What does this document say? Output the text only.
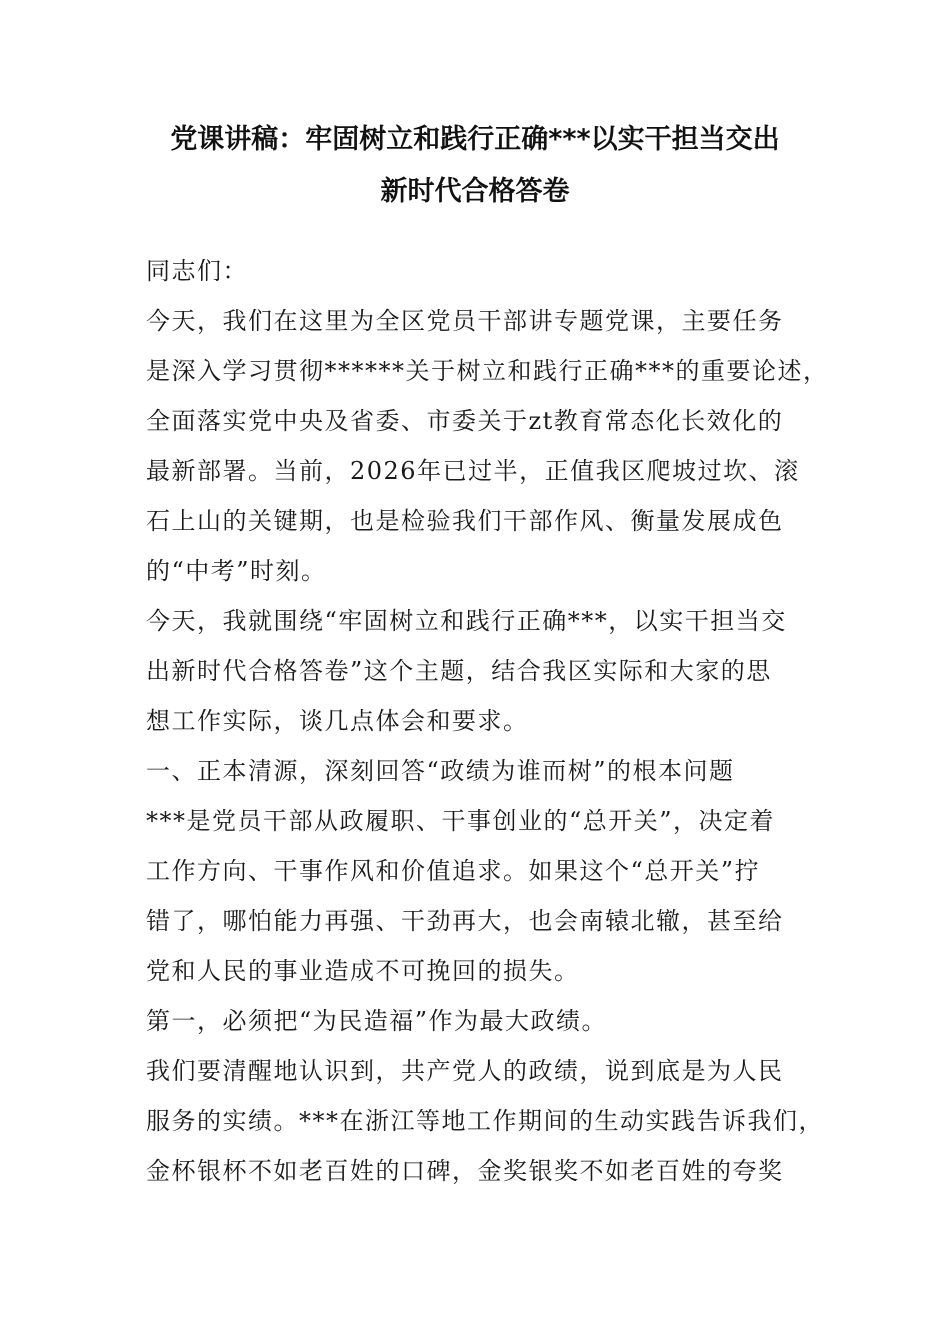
党课讲稿：牢固树立和践行正确***以实干担当交出
新时代合格答卷
同志们：
今天，我们在这里为全区党员干部讲专题党课，主要任务
是深入学习贯彻******关于树立和践行正确***的重要论述，
全面落实党中央及省委、市委关于zt教育常态化长效化的
最新部署。当前，2026年已过半，正值我区爬坡过坎、滚
石上山的关键期，也是检验我们干部作风、衡量发展成色
的“中考”时刻。
今天，我就围绕“牢固树立和践行正确***，以实干担当交
出新时代合格答卷”这个主题，结合我区实际和大家的思
想工作实际，谈几点体会和要求。
一、正本清源，深刻回答“政绩为谁而树”的根本问题
***是党员干部从政履职、干事创业的“总开关”，决定着
工作方向、干事作风和价值追求。如果这个“总开关”拧
错了，哪怕能力再强、干劲再大，也会南辕北辙，甚至给
党和人民的事业造成不可挽回的损失。
第一，必须把“为民造福”作为最大政绩。
我们要清醒地认识到，共产党人的政绩，说到底是为人民
服务的实绩。***在浙江等地工作期间的生动实践告诉我们，
金杯银杯不如老百姓的口碑，金奖银奖不如老百姓的夸奖
